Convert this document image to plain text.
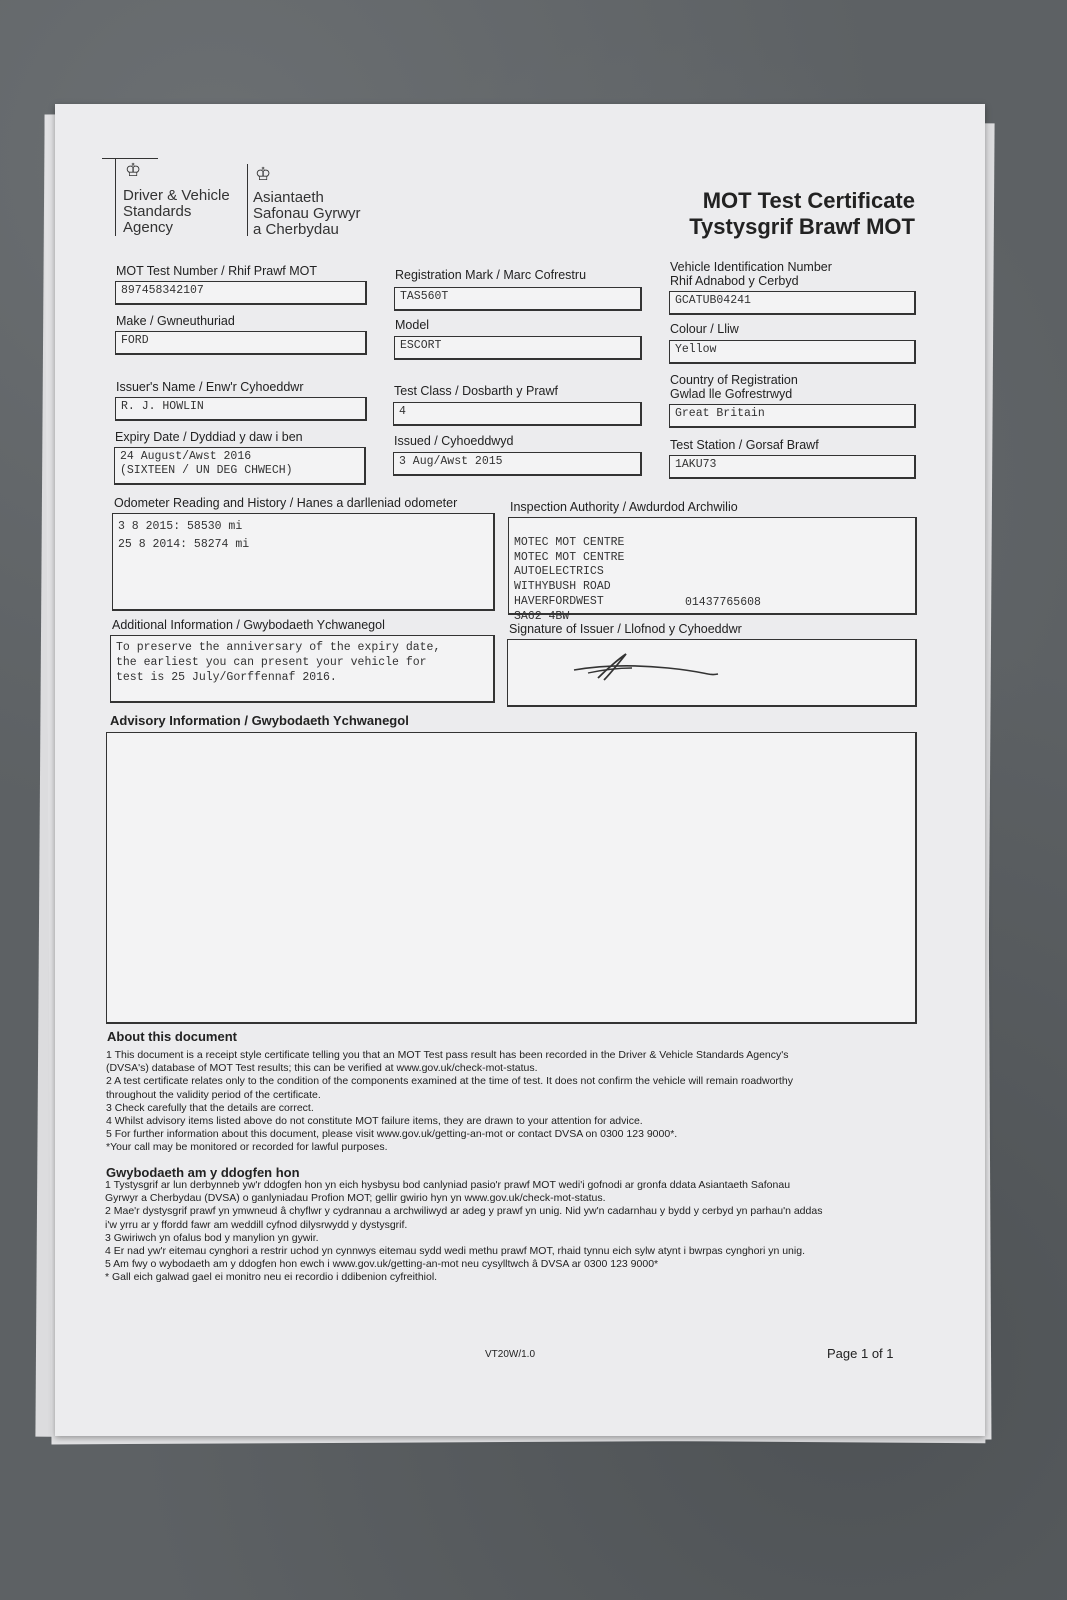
♔
Driver & Vehicle
Standards
Agency
♔
Asiantaeth
Safonau Gyrwyr
a Cherbydau
MOT Test Certificate
Tystysgrif Brawf MOT
MOT Test Number / Rhif Prawf MOT
897458342107
Registration Mark / Marc Cofrestru
TAS560T
Vehicle Identification Number
Rhif Adnabod y Cerbyd
GCATUB04241
Make / Gwneuthuriad
FORD
Model
ESCORT
Colour / Lliw
Yellow
Issuer's Name / Enw'r Cyhoeddwr
R. J. HOWLIN
Test Class / Dosbarth y Prawf
4
Country of Registration
Gwlad lle Gofrestrwyd
Great Britain
Expiry Date / Dyddiad y daw i ben
24 August/Awst 2016
(SIXTEEN / UN DEG CHWECH)
Issued / Cyhoeddwyd
3 Aug/Awst 2015
Test Station / Gorsaf Brawf
1AKU73
Odometer Reading and History / Hanes a darlleniad odometer
3 8 2015: 58530 mi
25 8 2014: 58274 mi
Inspection Authority / Awdurdod Archwilio

MOTEC MOT CENTRE
MOTEC MOT CENTRE
AUTOELECTRICS
WITHYBUSH ROAD
HAVERFORDWEST
SA62 4BW

01437765608

Additional Information / Gwybodaeth Ychwanegol
To preserve the anniversary of the expiry date,
the earliest you can present your vehicle for
test is 25 July/Gorffennaf 2016.
Signature of Issuer / Llofnod y Cyhoeddwr

Advisory Information / Gwybodaeth Ychwanegol
About this document

1 This document is a receipt style certificate telling you that an MOT Test pass result has been recorded in the Driver & Vehicle Standards Agency's

(DVSA's) database of MOT Test results; this can be verified at www.gov.uk/check-mot-status.

2 A test certificate relates only to the condition of the components examined at the time of test. It does not confirm the vehicle will remain roadworthy

throughout the validity period of the certificate.

3 Check carefully that the details are correct.

4 Whilst advisory items listed above do not constitute MOT failure items, they are drawn to your attention for advice.

5 For further information about this document, please visit www.gov.uk/getting-an-mot or contact DVSA on 0300 123 9000*.

*Your call may be monitored or recorded for lawful purposes.

Gwybodaeth am y ddogfen hon

1 Tystysgrif ar lun derbynneb yw'r ddogfen hon yn eich hysbysu bod canlyniad pasio'r prawf MOT wedi'i gofnodi ar gronfa ddata Asiantaeth Safonau

Gyrwyr a Cherbydau (DVSA) o ganlyniadau Profion MOT; gellir gwirio hyn yn www.gov.uk/check-mot-status.

2 Mae'r dystysgrif prawf yn ymwneud â chyflwr y cydrannau a archwiliwyd ar adeg y prawf yn unig. Nid yw'n cadarnhau y bydd y cerbyd yn parhau'n addas

i'w yrru ar y ffordd fawr am weddill cyfnod dilysrwydd y dystysgrif.

3 Gwiriwch yn ofalus bod y manylion yn gywir.

4 Er nad yw'r eitemau cynghori a restrir uchod yn cynnwys eitemau sydd wedi methu prawf MOT, rhaid tynnu eich sylw atynt i bwrpas cynghori yn unig.

5 Am fwy o wybodaeth am y ddogfen hon ewch i www.gov.uk/getting-an-mot neu cysylltwch â DVSA ar 0300 123 9000*

* Gall eich galwad gael ei monitro neu ei recordio i ddibenion cyfreithiol.

VT20W/1.0	Page 1 of 1
